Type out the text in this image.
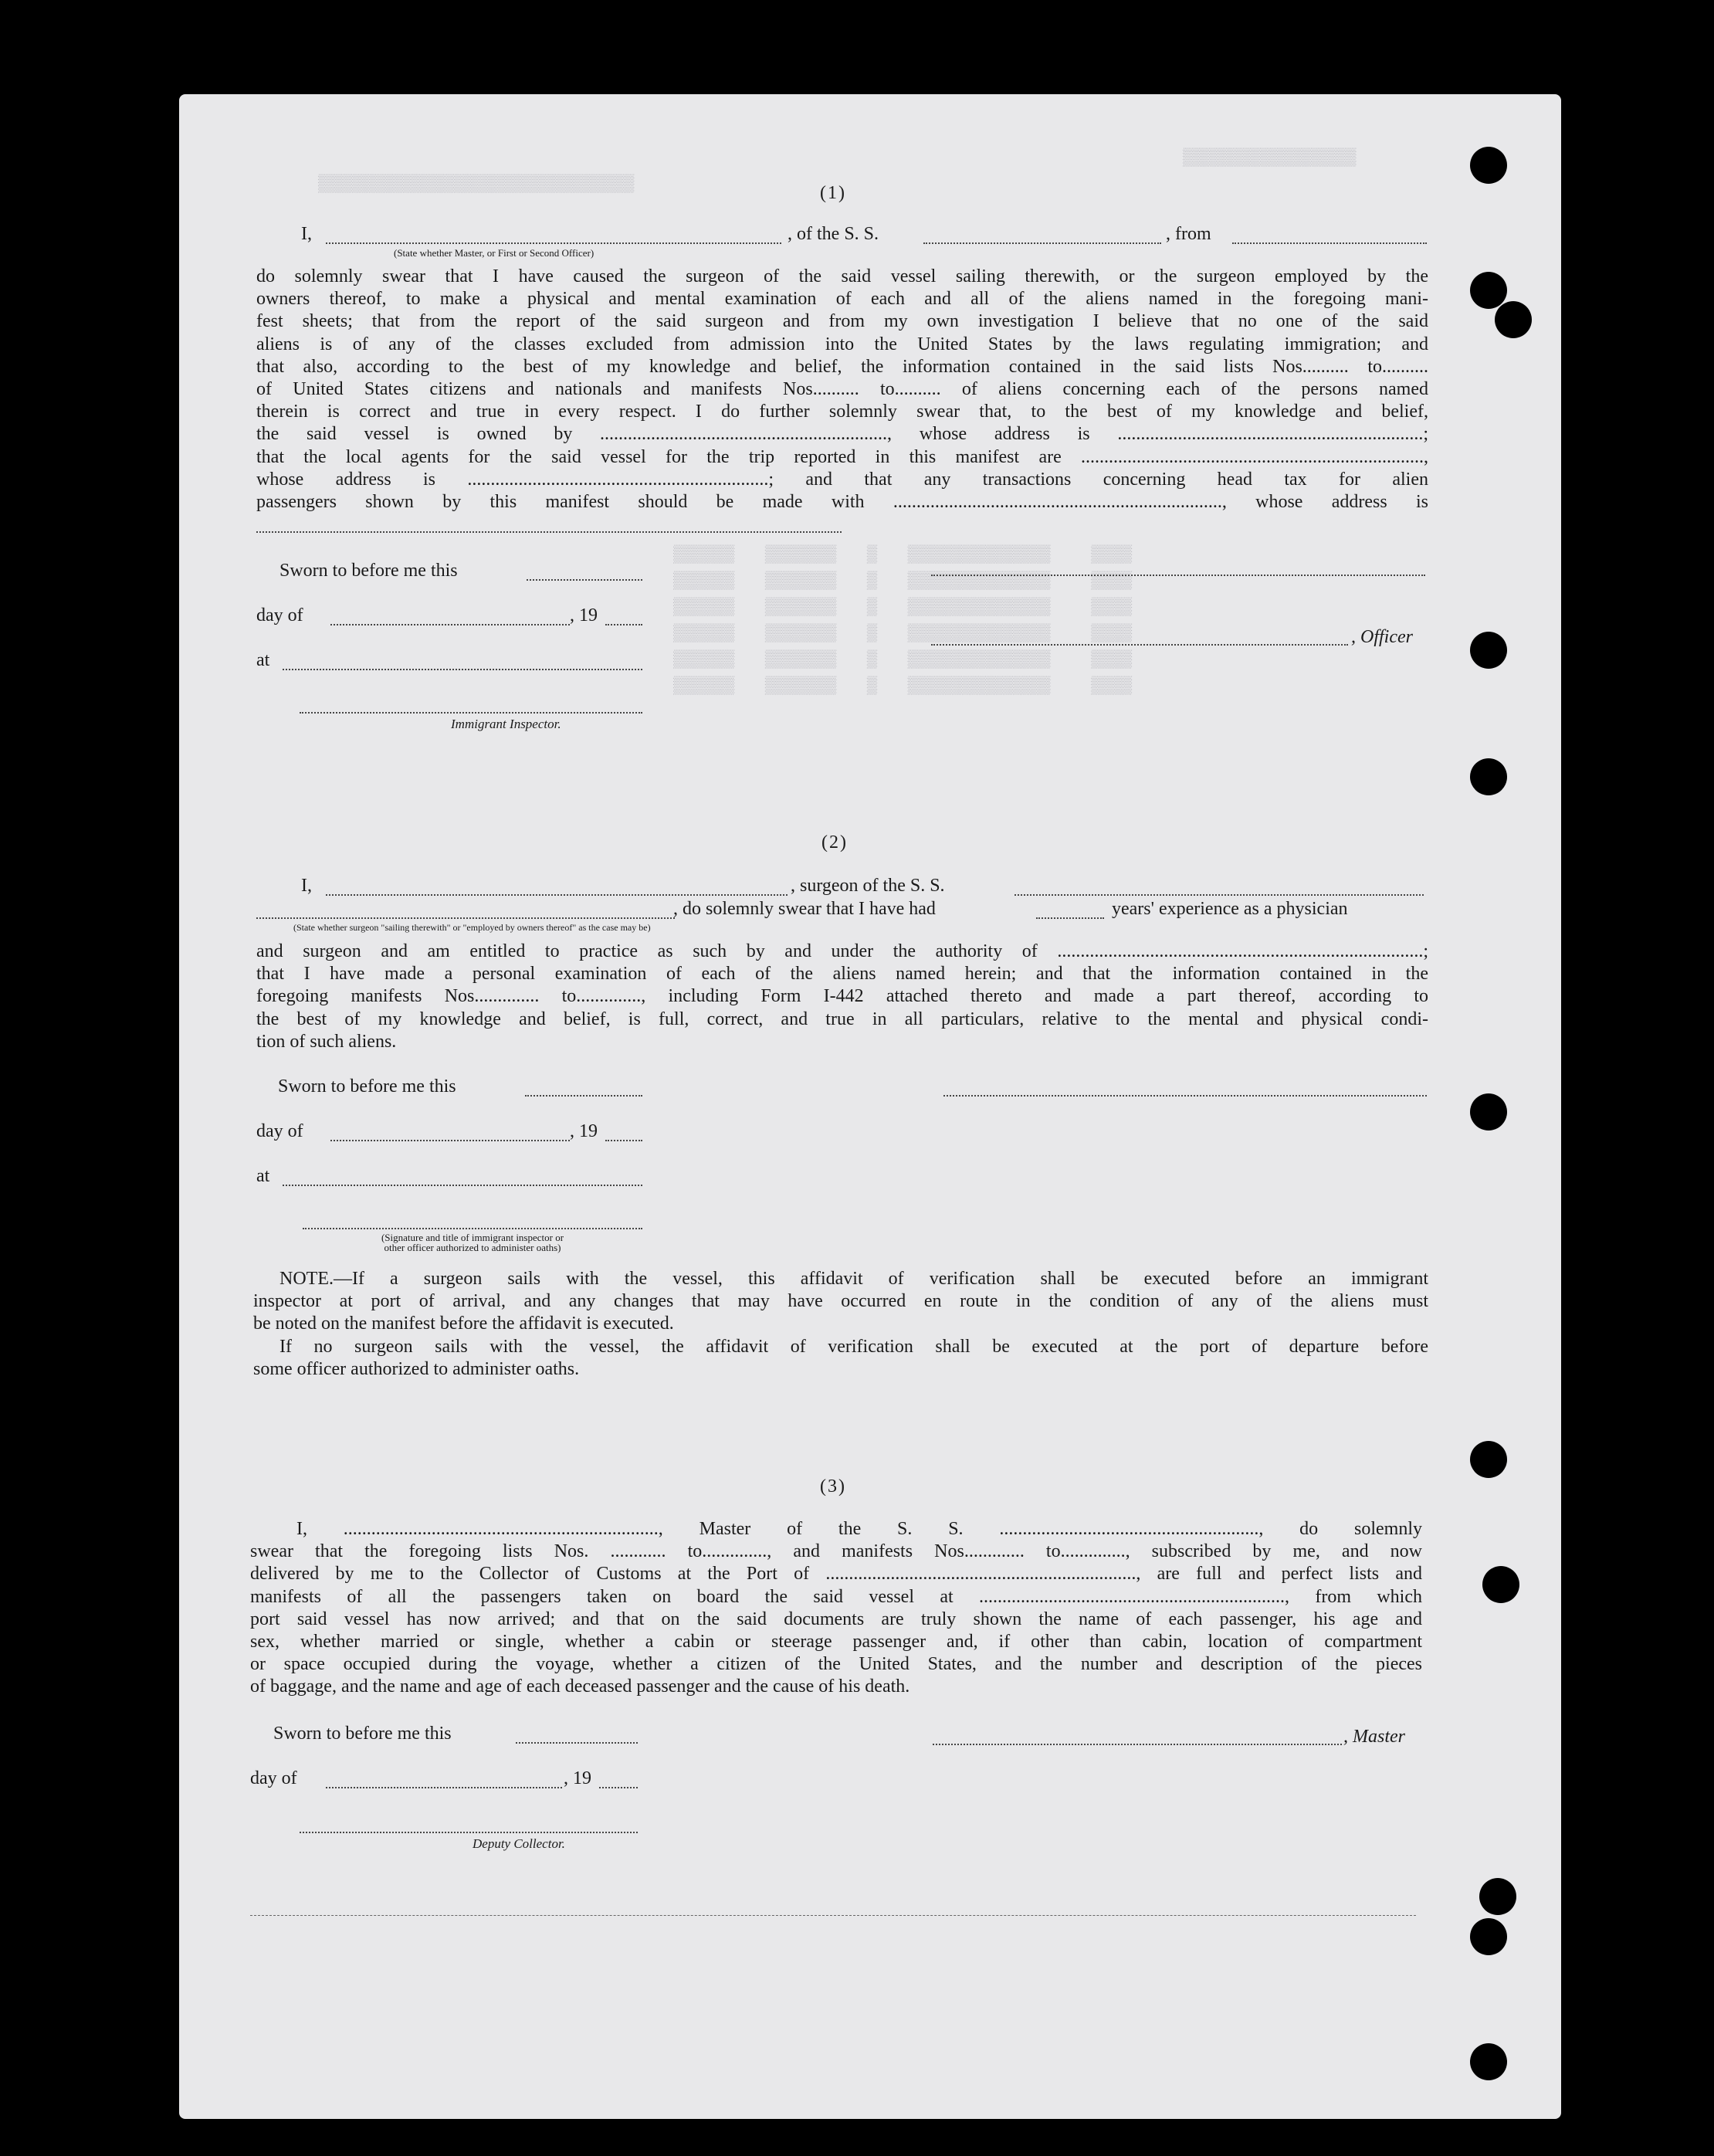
▒▒▒▒▒▒▒▒▒▒▒▒▒▒▒▒▒▒▒▒▒▒▒▒▒▒▒▒▒▒▒
▒▒▒▒▒▒▒▒▒▒▒▒▒▒▒▒▒
▒▒▒▒▒▒   ▒▒▒▒▒▒▒   ▒   ▒▒▒▒▒▒▒▒▒▒▒▒▒▒    ▒▒▒▒
▒▒▒▒▒▒   ▒▒▒▒▒▒▒   ▒   ▒▒▒▒▒▒▒▒▒▒▒▒▒▒    ▒▒▒▒
▒▒▒▒▒▒   ▒▒▒▒▒▒▒   ▒   ▒▒▒▒▒▒▒▒▒▒▒▒▒▒    ▒▒▒▒
▒▒▒▒▒▒   ▒▒▒▒▒▒▒   ▒   ▒▒▒▒▒▒▒▒▒▒▒▒▒▒    ▒▒▒▒
▒▒▒▒▒▒   ▒▒▒▒▒▒▒   ▒   ▒▒▒▒▒▒▒▒▒▒▒▒▒▒    ▒▒▒▒
▒▒▒▒▒▒   ▒▒▒▒▒▒▒   ▒   ▒▒▒▒▒▒▒▒▒▒▒▒▒▒    ▒▒▒▒
(1)
I,	, of the S. S.	, from
(State whether Master, or First or Second Officer)
do solemnly swear that I have caused the surgeon of the said vessel sailing therewith, or the surgeon employed by the
owners thereof, to make a physical and mental examination of each and all of the aliens named in the foregoing mani-
fest sheets; that from the report of the said surgeon and from my own investigation I believe that no one of the said
aliens is of any of the classes excluded from admission into the United States by the laws regulating immigration; and
that also, according to the best of my knowledge and belief, the information contained in the said lists Nos.......... to..........
of United States citizens and nationals and manifests Nos.......... to.......... of aliens concerning each of the persons named
therein is correct and true in every respect. I do further solemnly swear that, to the best of my knowledge and belief,
the said vessel is owned by .............................................................., whose address is ..................................................................;
that the local agents for the said vessel for the trip reported in this manifest are ..........................................................................,
whose address is .................................................................; and that any transactions concerning head tax for alien
passengers shown by this manifest should be made with ......................................................................., whose address is
Sworn to before me this
day of	, 19
at
Immigrant Inspector.
, Officer
(2)
I,	, surgeon of the S. S.
, do solemnly swear that I have had	years' experience as a physician
(State whether surgeon "sailing therewith" or "employed by owners thereof" as the case may be)
and surgeon and am entitled to practice as such by and under the authority of ...............................................................................;
that I have made a personal examination of each of the aliens named herein; and that the information contained in the
foregoing manifests Nos.............. to.............., including Form I-442 attached thereto and made a part thereof, according to
the best of my knowledge and belief, is full, correct, and true in all particulars, relative to the mental and physical condi-
tion of such aliens.
Sworn to before me this
day of	, 19
at
(Signature and title of immigrant inspector or
other officer authorized to administer oaths)
NOTE.—If a surgeon sails with the vessel, this affidavit of verification shall be executed before an immigrant
inspector at port of arrival, and any changes that may have occurred en route in the condition of any of the aliens must
be noted on the manifest before the affidavit is executed.
If no surgeon sails with the vessel, the affidavit of verification shall be executed at the port of departure before
some officer authorized to administer oaths.
(3)
I, ...................................................................., Master of the S. S. ........................................................, do solemnly
swear that the foregoing lists Nos. ............ to.............., and manifests Nos............. to.............., subscribed by me, and now
delivered by me to the Collector of Customs at the Port of ..................................................................., are full and perfect lists and
manifests of all the passengers taken on board the said vessel at .................................................................., from which
port said vessel has now arrived; and that on the said documents are truly shown the name of each passenger, his age and
sex, whether married or single, whether a cabin or steerage passenger and, if other than cabin, location of compartment
or space occupied during the voyage, whether a citizen of the United States, and the number and description of the pieces
of baggage, and the name and age of each deceased passenger and the cause of his death.
Sworn to before me this
day of	, 19
Deputy Collector.
, Master
